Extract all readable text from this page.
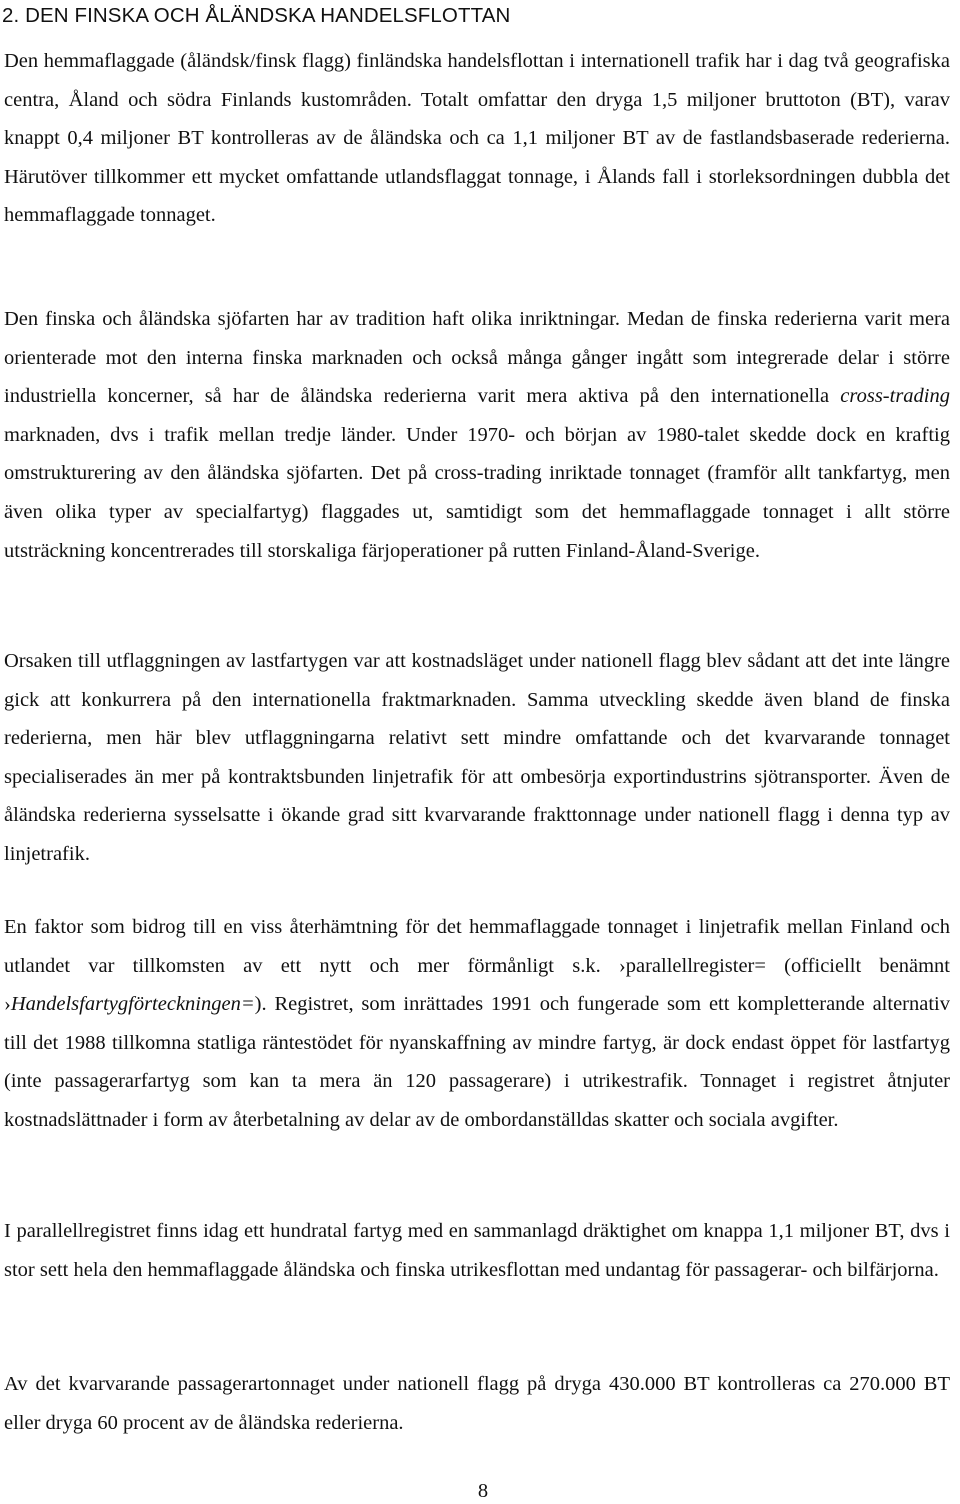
2. DEN FINSKA OCH ÅLÄNDSKA HANDELSFLOTTAN

Den hemmaflaggade (åländsk/finsk flagg) finländska handelsflottan i internationell trafik har i dag två geografiska centra, Åland och södra Finlands kustområden. Totalt omfattar den dryga 1,5 miljoner bruttoton (BT), varav knappt 0,4 miljoner BT kontrolleras av de åländska och ca 1,1 miljoner BT av de fastlandsbaserade rederierna. Härutöver tillkommer ett mycket omfattande utlandsflaggat tonnage, i Ålands fall i storleksordningen dubbla det hemmaflaggade tonnaget.

Den finska och åländska sjöfarten har av tradition haft olika inriktningar. Medan de finska rederierna varit mera orienterade mot den interna finska marknaden och också många gånger ingått som integrerade delar i större industriella koncerner, så har de åländska rederierna varit mera aktiva på den internationella cross-trading marknaden, dvs i trafik mellan tredje länder. Under 1970- och början av 1980-talet skedde dock en kraftig omstrukturering av den åländska sjöfarten. Det på cross-trading inriktade tonnaget (framför allt tankfartyg, men även olika typer av specialfartyg) flaggades ut, samtidigt som det hemmaflaggade tonnaget i allt större utsträckning koncentrerades till storskaliga färjoperationer på rutten Finland-Åland-Sverige.

Orsaken till utflaggningen av lastfartygen var att kostnadsläget under nationell flagg blev sådant att det inte längre gick att konkurrera på den internationella fraktmarknaden. Samma utveckling skedde även bland de finska rederierna, men här blev utflaggningarna relativt sett mindre omfattande och det kvarvarande tonnaget specialiserades än mer på kontraktsbunden linjetrafik för att ombesörja exportindustrins sjötransporter. Även de åländska rederierna sysselsatte i ökande grad sitt kvarvarande frakttonnage under nationell flagg i denna typ av linjetrafik.

En faktor som bidrog till en viss återhämtning för det hemmaflaggade tonnaget i linjetrafik mellan Finland och utlandet var tillkomsten av ett nytt och mer förmånligt s.k. ›parallellregister= (officiellt benämnt ›Handelsfartygförteckningen=). Registret, som inrättades 1991 och fungerade som ett kompletterande alternativ till det 1988 tillkomna statliga räntestödet för nyanskaffning av mindre fartyg, är dock endast öppet för lastfartyg (inte passagerarfartyg som kan ta mera än 120 passagerare) i utrikestrafik. Tonnaget i registret åtnjuter kostnadslättnader i form av återbetalning av delar av de ombordanställdas skatter och sociala avgifter.

I parallellregistret finns idag ett hundratal fartyg med en sammanlagd dräktighet om knappa 1,1 miljoner BT, dvs i stor sett hela den hemmaflaggade åländska och finska utrikesflottan med undantag för passagerar- och bilfärjorna.

Av det kvarvarande passagerartonnaget under nationell flagg på dryga 430.000 BT kontrolleras ca 270.000 BT eller dryga 60 procent av de åländska rederierna.

8
